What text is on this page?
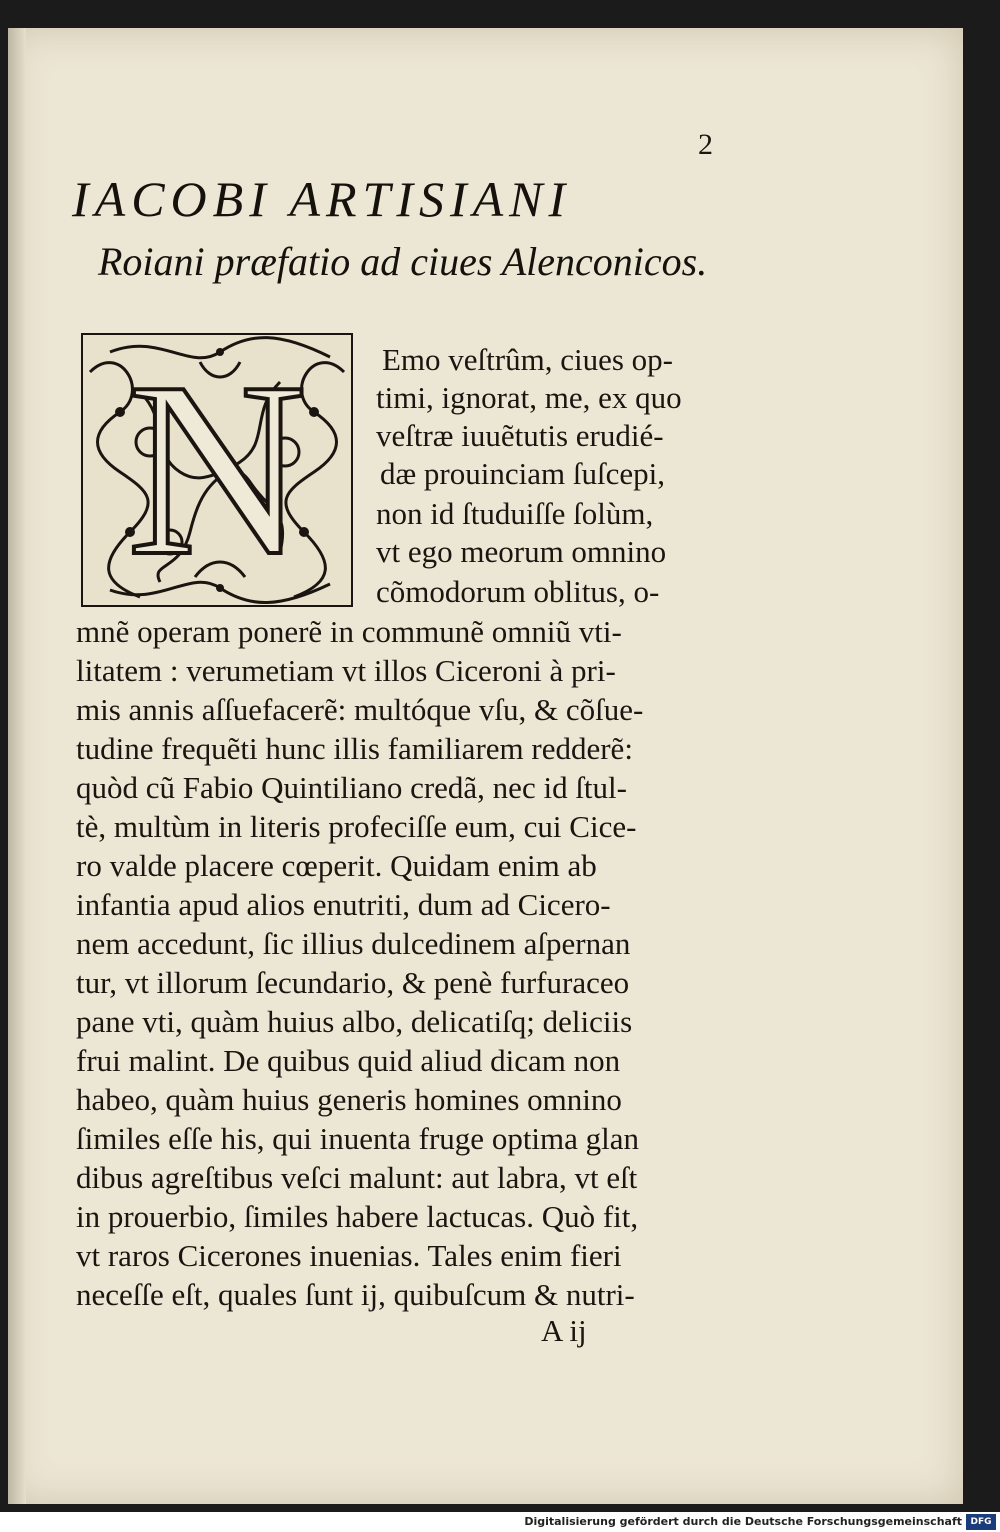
2
IACOBI ARTISIANI
Roiani præfatio ad ciues Alenconicos.
N	Emo veſtrûm, ciues op-
timi, ignorat, me, ex quo
veſtræ iuuẽtutis erudié-
dæ prouinciam ſuſcepi,
non id ſtuduiſſe ſolùm,
vt ego meorum omnino
cõmodorum oblitus, o-
mnẽ operam ponerẽ in communẽ omniũ vti-
litatem : verumetiam vt illos Ciceroni à pri-
mis annis aſſuefacerẽ: multóque vſu, & cõſue-
tudine frequẽti hunc illis familiarem redderẽ:
quòd cũ Fabio Quintiliano credã, nec id ſtul-
tè, multùm in literis profeciſſe eum, cui Cice-
ro valde placere cœperit. Quidam enim ab
infantia apud alios enutriti, dum ad Cicero-
nem accedunt, ſic illius dulcedinem aſpernan
tur, vt illorum ſecundario, & penè furfuraceo
pane vti, quàm huius albo, delicatiſq; deliciis
frui malint. De quibus quid aliud dicam non
habeo, quàm huius generis homines omnino
ſimiles eſſe his, qui inuenta fruge optima glan
dibus agreſtibus veſci malunt: aut labra, vt eſt
in prouerbio, ſimiles habere lactucas. Quò fit,
vt raros Cicerones inuenias. Tales enim fieri
neceſſe eſt, quales ſunt ij, quibuſcum & nutri-
A ij
Digitalisierung gefördert durch die Deutsche Forschungsgemeinschaft DFG
